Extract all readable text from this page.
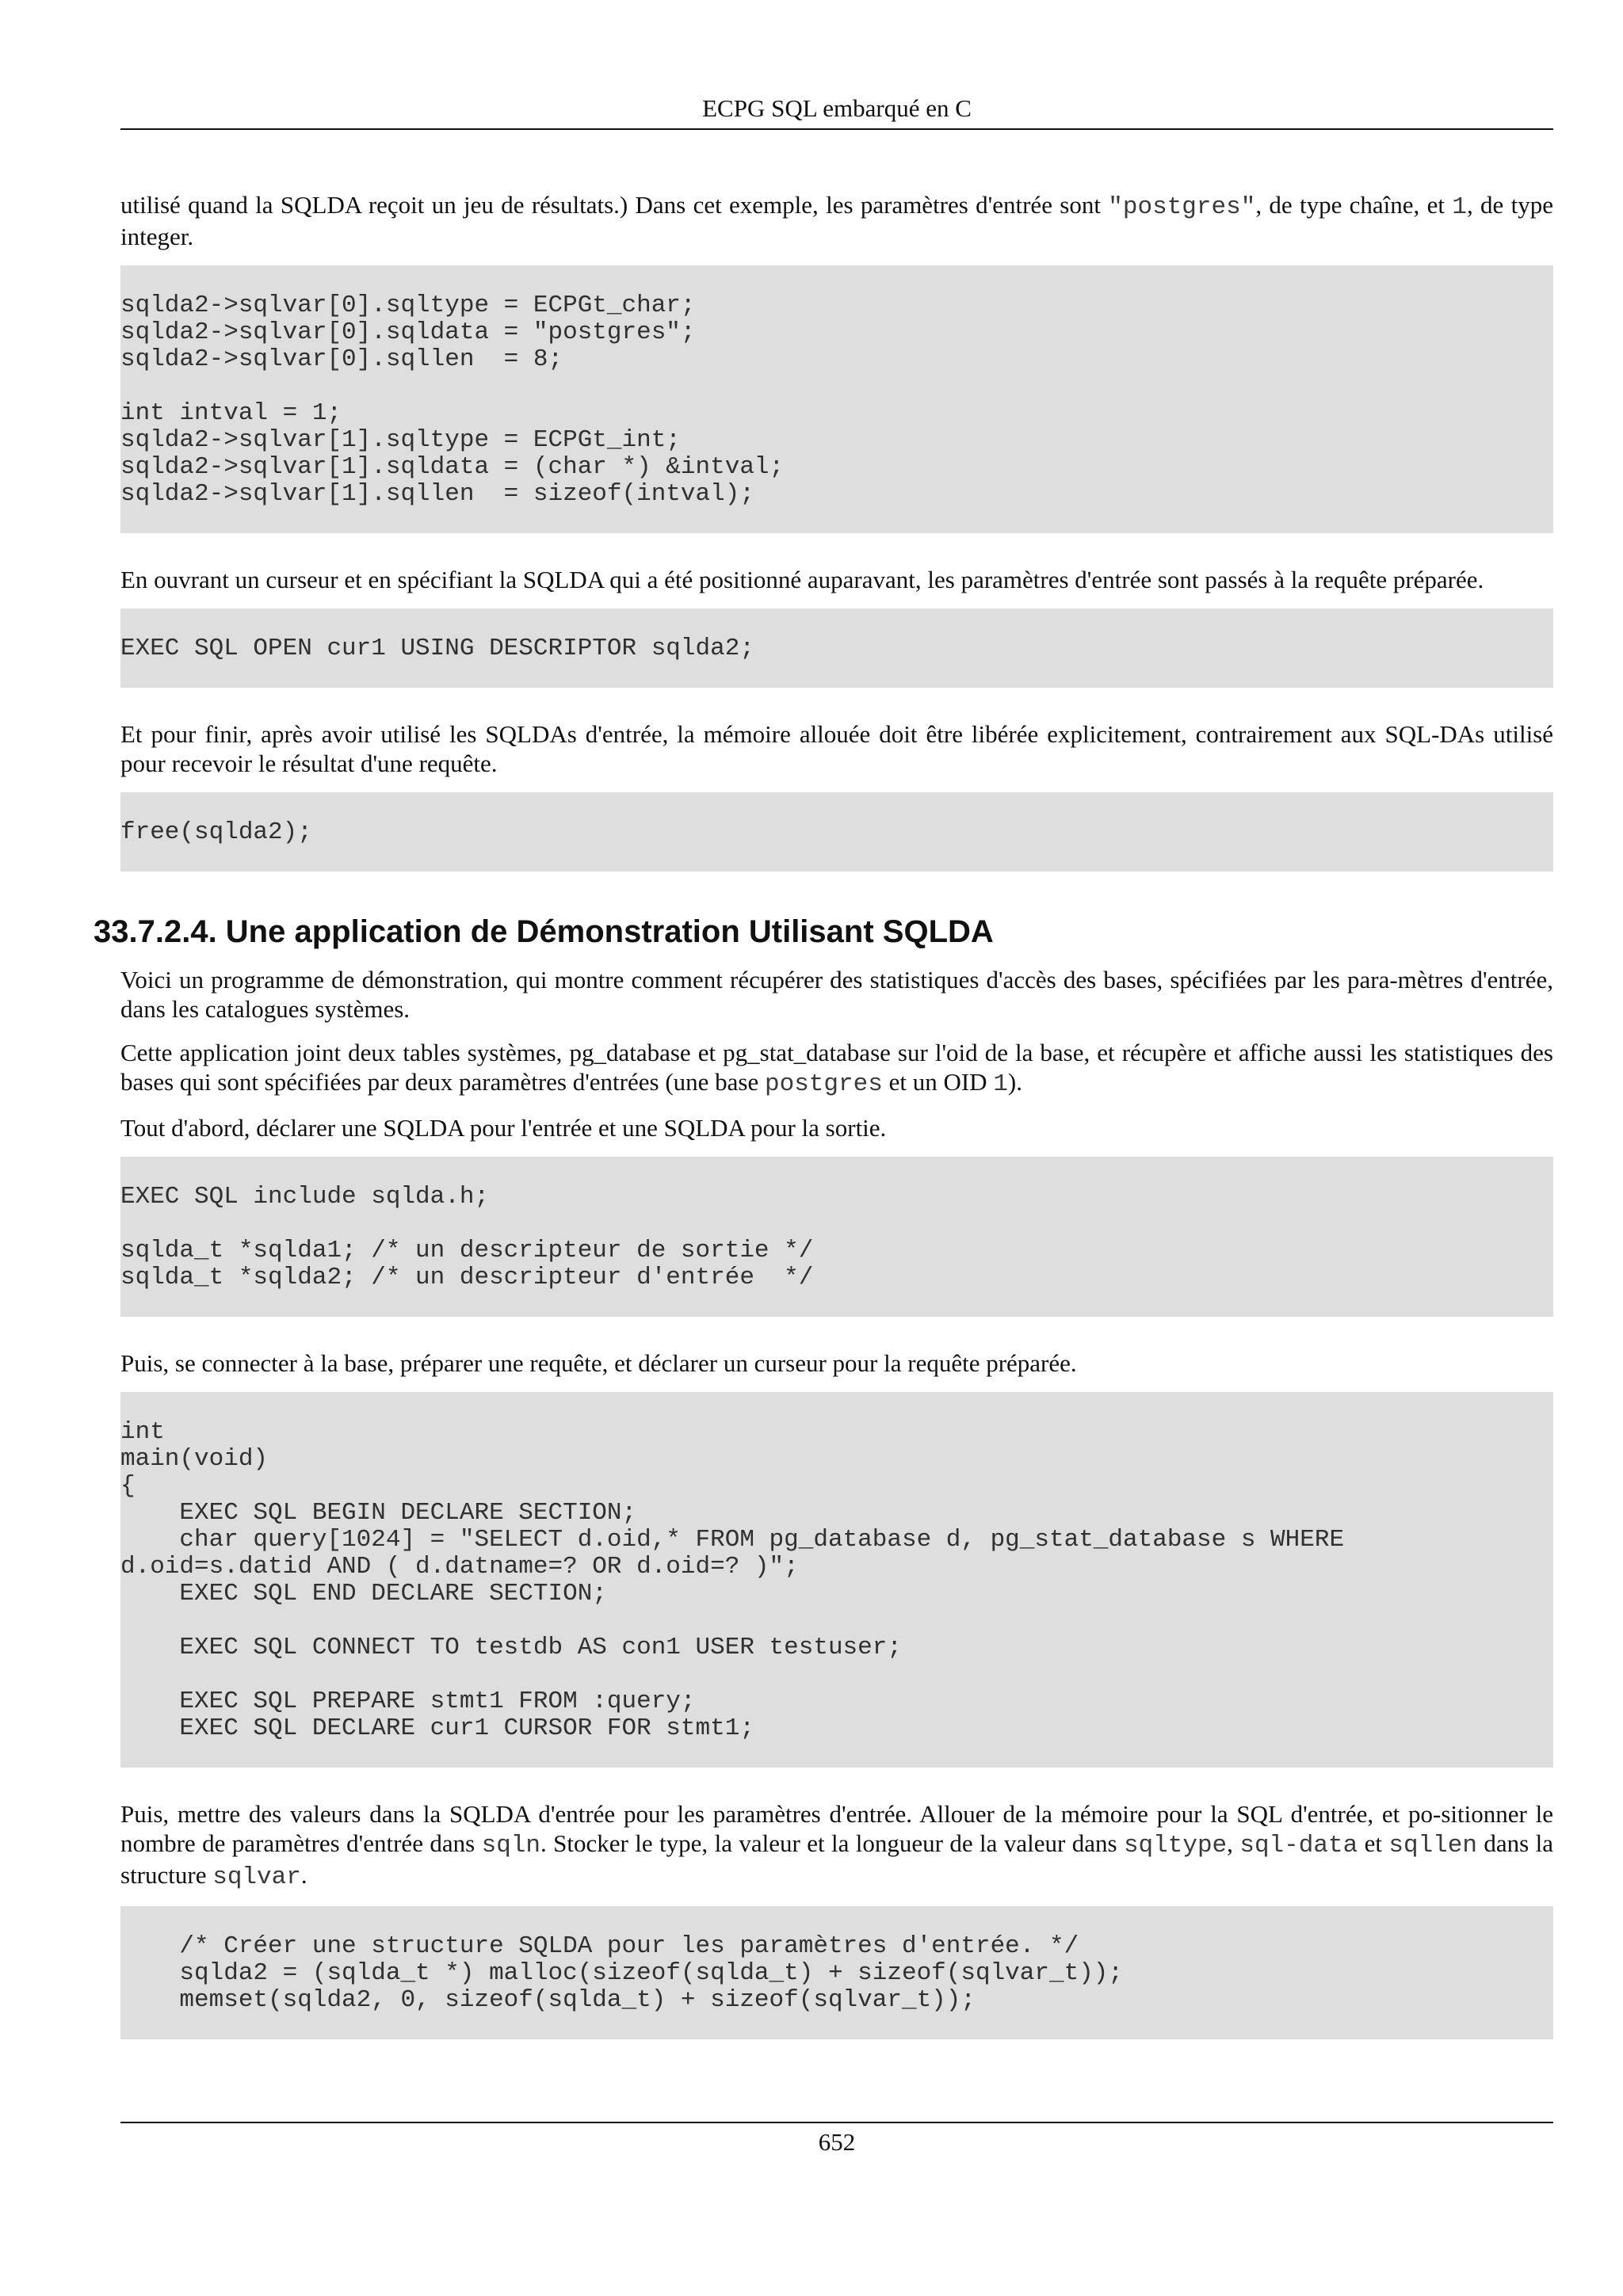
ECPG SQL embarqué en C

utilisé quand la SQLDA reçoit un jeu de résultats.) Dans cet exemple, les paramètres d'entrée sont "postgres", de type chaîne, et 1, de type integer.

sqlda2->sqlvar[0].sqltype = ECPGt_char;
sqlda2->sqlvar[0].sqldata = "postgres";
sqlda2->sqlvar[0].sqllen  = 8;

int intval = 1;
sqlda2->sqlvar[1].sqltype = ECPGt_int;
sqlda2->sqlvar[1].sqldata = (char *) &intval;
sqlda2->sqlvar[1].sqllen  = sizeof(intval);

En ouvrant un curseur et en spécifiant la SQLDA qui a été positionné auparavant, les paramètres d'entrée sont passés à la requête préparée.

EXEC SQL OPEN cur1 USING DESCRIPTOR sqlda2;

Et pour finir, après avoir utilisé les SQLDAs d'entrée, la mémoire allouée doit être libérée explicitement, contrairement aux SQL-DAs utilisé pour recevoir le résultat d'une requête.

free(sqlda2);
33.7.2.4. Une application de Démonstration Utilisant SQLDA

Voici un programme de démonstration, qui montre comment récupérer des statistiques d'accès des bases, spécifiées par les para-mètres d'entrée, dans les catalogues systèmes.

Cette application joint deux tables systèmes, pg_database et pg_stat_database sur l'oid de la base, et récupère et affiche aussi les statistiques des bases qui sont spécifiées par deux paramètres d'entrées (une base postgres et un OID 1).

Tout d'abord, déclarer une SQLDA pour l'entrée et une SQLDA pour la sortie.

EXEC SQL include sqlda.h;

sqlda_t *sqlda1; /* un descripteur de sortie */
sqlda_t *sqlda2; /* un descripteur d'entrée  */

Puis, se connecter à la base, préparer une requête, et déclarer un curseur pour la requête préparée.

int
main(void)
{
EXEC SQL BEGIN DECLARE SECTION;
char query[1024] = "SELECT d.oid,* FROM pg_database d, pg_stat_database s WHERE
d.oid=s.datid AND ( d.datname=? OR d.oid=? )";
EXEC SQL END DECLARE SECTION;

EXEC SQL CONNECT TO testdb AS con1 USER testuser;

EXEC SQL PREPARE stmt1 FROM :query;
EXEC SQL DECLARE cur1 CURSOR FOR stmt1;

Puis, mettre des valeurs dans la SQLDA d'entrée pour les paramètres d'entrée. Allouer de la mémoire pour la SQL d'entrée, et po-sitionner le nombre de paramètres d'entrée dans sqln. Stocker le type, la valeur et la longueur de la valeur dans sqltype, sql-data et sqllen dans la structure sqlvar.

/* Créer une structure SQLDA pour les paramètres d'entrée. */
sqlda2 = (sqlda_t *) malloc(sizeof(sqlda_t) + sizeof(sqlvar_t));
memset(sqlda2, 0, sizeof(sqlda_t) + sizeof(sqlvar_t));
652
